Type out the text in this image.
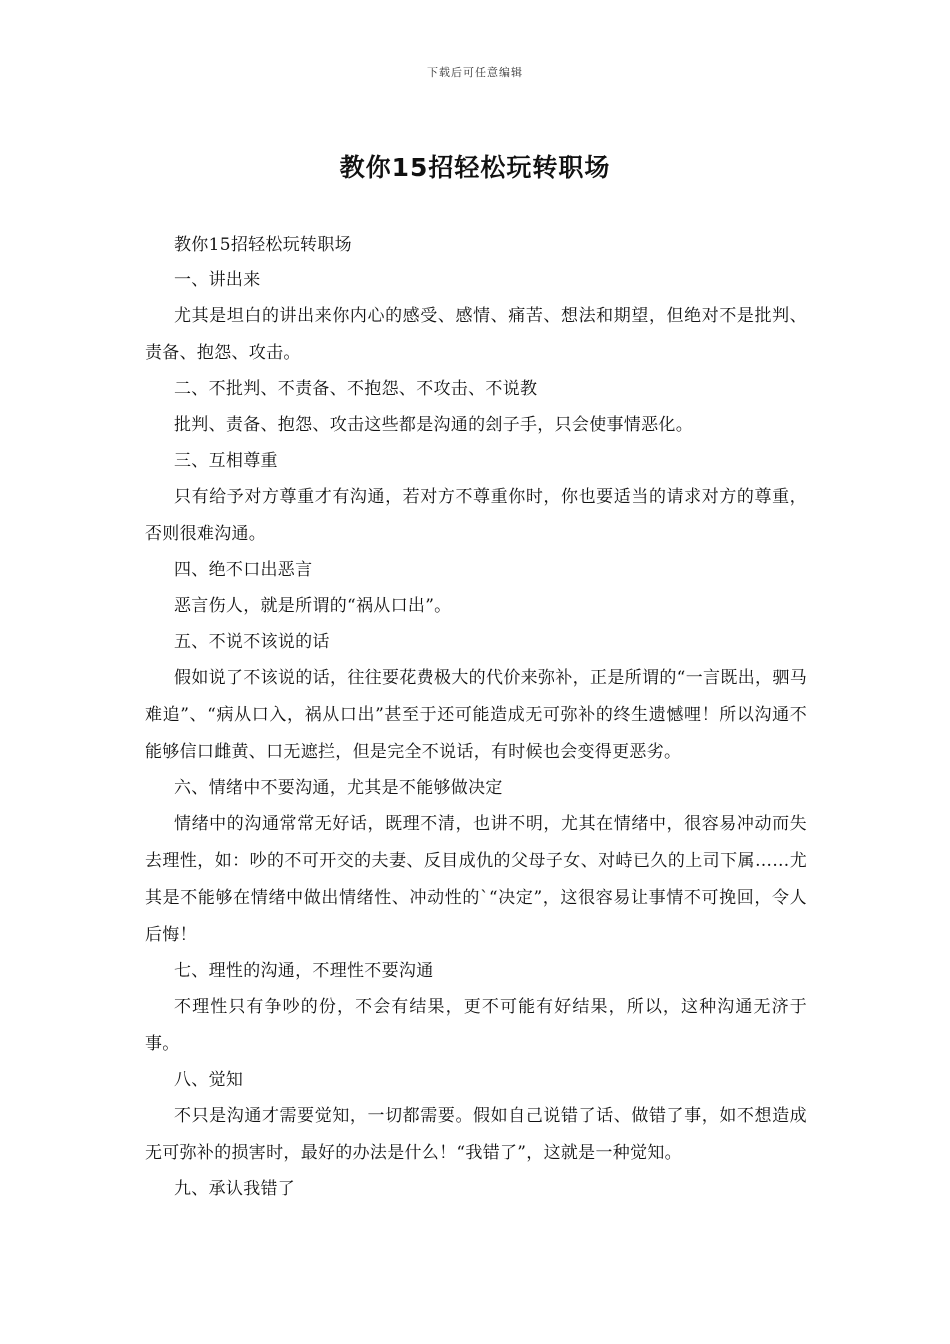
下载后可任意编辑
教你15招轻松玩转职场

教你15招轻松玩转职场

一、讲出来

尤其是坦白的讲出来你内心的感受、感情、痛苦、想法和期望，但绝对不是批判、责备、抱怨、攻击。

二、不批判、不责备、不抱怨、不攻击、不说教

批判、责备、抱怨、攻击这些都是沟通的刽子手，只会使事情恶化。

三、互相尊重

只有给予对方尊重才有沟通，若对方不尊重你时，你也要适当的请求对方的尊重，否则很难沟通。

四、绝不口出恶言

恶言伤人，就是所谓的“祸从口出”。

五、不说不该说的话

假如说了不该说的话，往往要花费极大的代价来弥补，正是所谓的“一言既出，驷马难追”、“病从口入，祸从口出”甚至于还可能造成无可弥补的终生遗憾哩！所以沟通不能够信口雌黄、口无遮拦，但是完全不说话，有时候也会变得更恶劣。

六、情绪中不要沟通，尤其是不能够做决定

情绪中的沟通常常无好话，既理不清，也讲不明，尤其在情绪中，很容易冲动而失去理性，如：吵的不可开交的夫妻、反目成仇的父母子女、对峙已久的上司下属……尤其是不能够在情绪中做出情绪性、冲动性的`“决定”，这很容易让事情不可挽回，令人后悔！

七、理性的沟通，不理性不要沟通

不理性只有争吵的份，不会有结果，更不可能有好结果，所以，这种沟通无济于事。

八、觉知

不只是沟通才需要觉知，一切都需要。假如自己说错了话、做错了事，如不想造成无可弥补的损害时，最好的办法是什么！“我错了”，这就是一种觉知。

九、承认我错了
